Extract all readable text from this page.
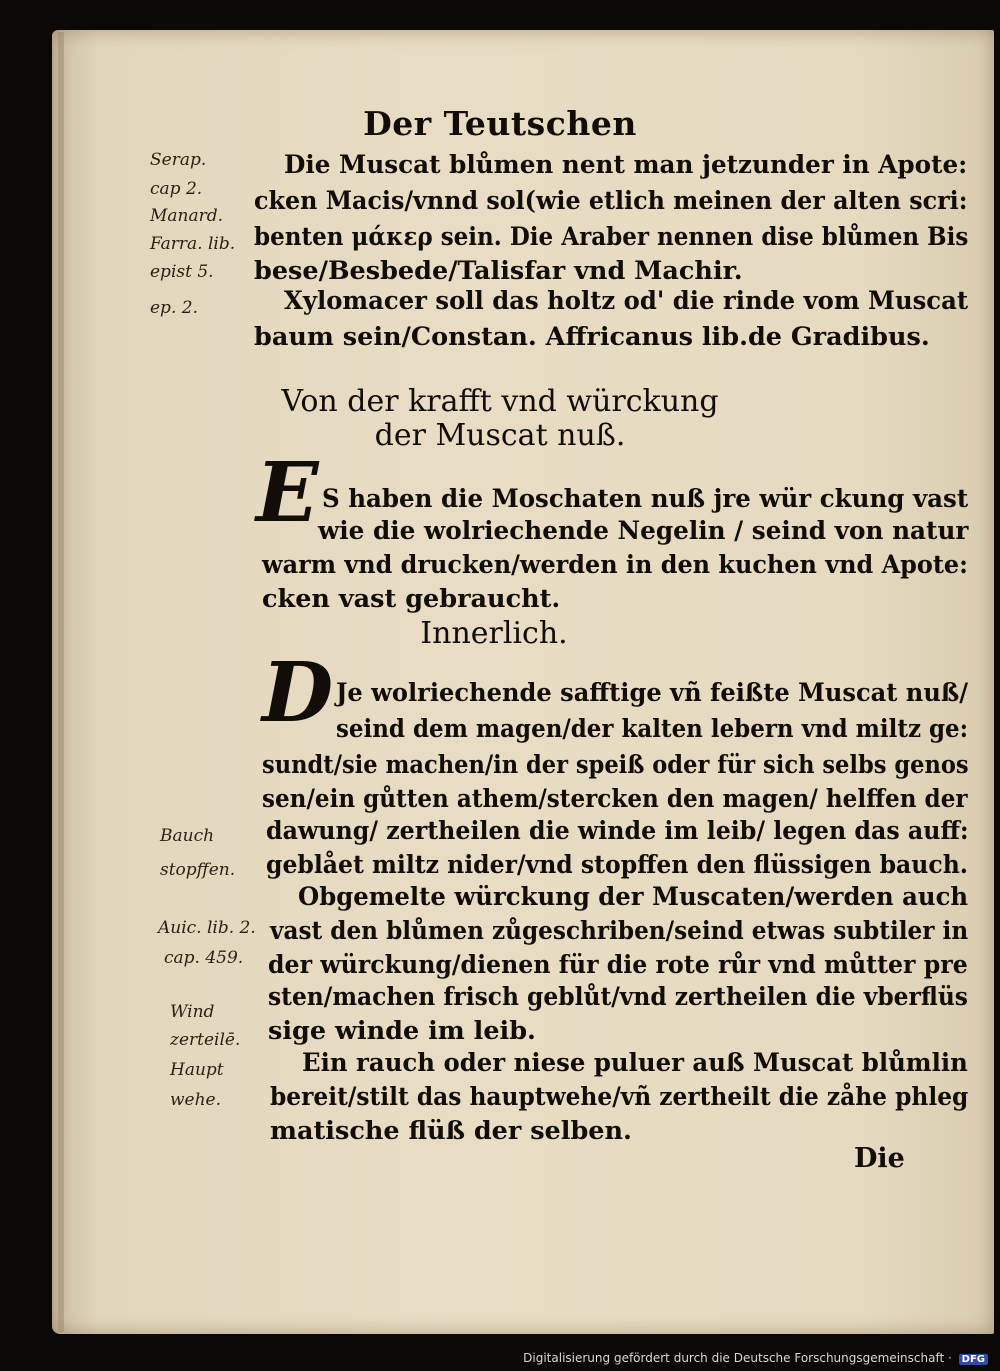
Der Teutschen
Serap.
cap 2.
Manard.
Farra. lib.
epist 5.
ep. 2.
Die Muscat blůmen nent man jetzunder in Apote:
cken Macis/vnnd sol(wie etlich meinen der alten scri:
benten μάκερ sein. Die Araber nennen dise blůmen Bis
bese/Besbede/Talisfar vnd Machir.
Xylomacer soll das holtz od' die rinde vom Muscat
baum sein/Constan. Affricanus lib.de Gradibus.
Von der krafft vnd würckung
der Muscat nuß.
E S haben die Moschaten nuß jre wür ckung vast
wie die wolriechende Negelin / seind von natur
warm vnd drucken/werden in den kuchen vnd Apote:
cken vast gebraucht.
Innerlich.
D Je wolriechende safftige vñ feißte Muscat nuß/
seind dem magen/der kalten lebern vnd miltz ge:
sundt/sie machen/in der speiß oder für sich selbs genos
sen/ein gůtten athem/stercken den magen/ helffen der
dawung/ zertheilen die winde im leib/ legen das auff:
geblået miltz nider/vnd stopffen den flüssigen bauch.
Obgemelte würckung der Muscaten/werden auch
vast den blůmen zůgeschriben/seind etwas subtiler in
der würckung/dienen für die rote růr vnd můtter pre
sten/machen frisch geblůt/vnd zertheilen die vberflüs
sige winde im leib.
Ein rauch oder niese puluer auß Muscat blůmlin
bereit/stilt das hauptwehe/vñ zertheilt die zåhe phleg
matische flüß der selben.
Bauch
stopffen.
Auic. lib. 2.
cap. 459.
Wind
zerteilē.
Haupt
wehe.
Die
Digitalisierung gefördert durch die Deutsche Forschungsgemeinschaft · DFG
